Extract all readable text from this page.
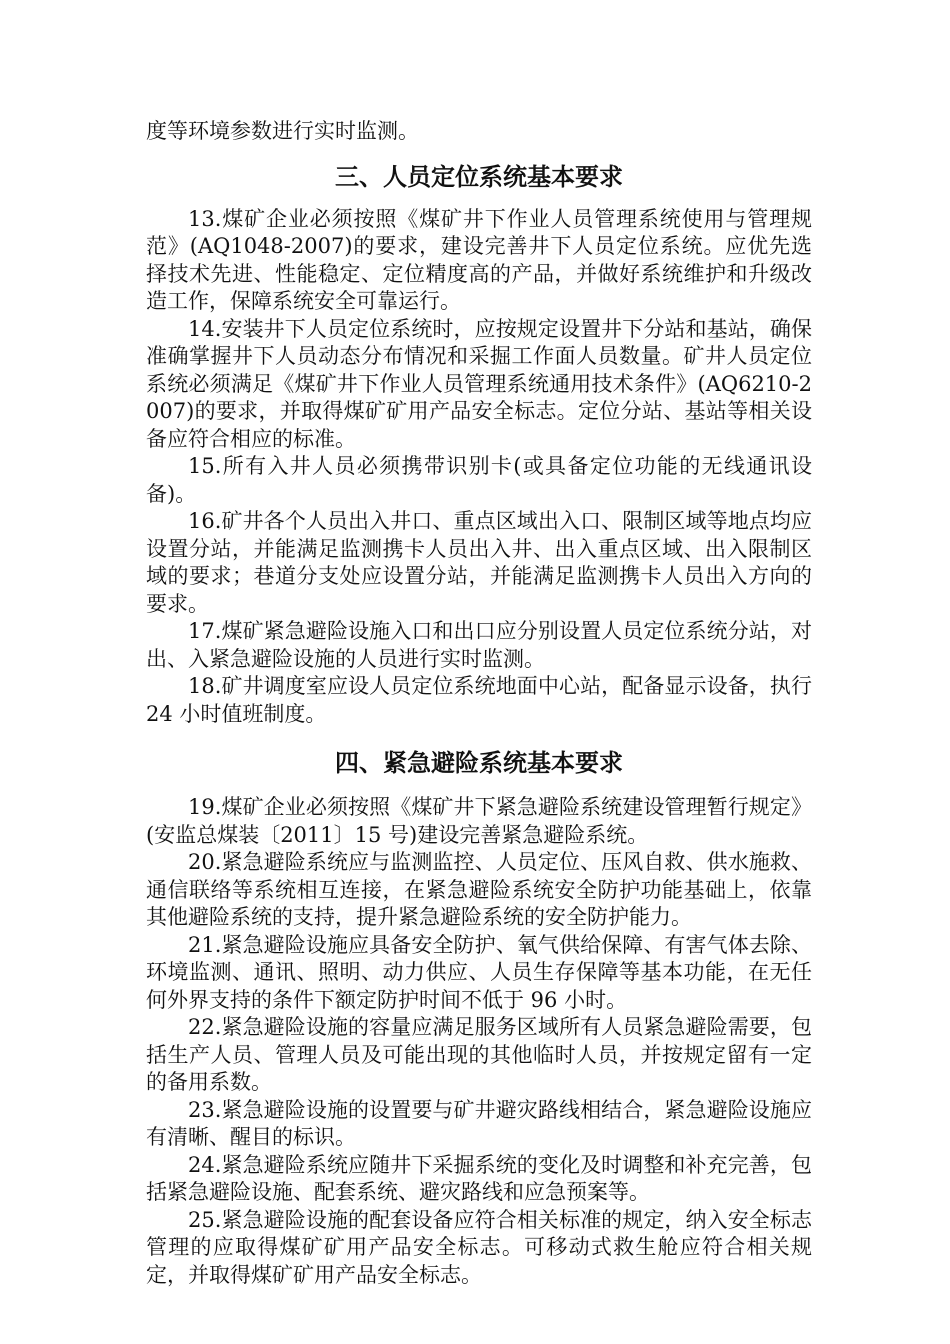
度等环境参数进行实时监测。

三、人员定位系统基本要求

13.煤矿企业必须按照《煤矿井下作业人员管理系统使用与管理规范》(AQ1048-2007)的要求，建设完善井下人员定位系统。应优先选择技术先进、性能稳定、定位精度高的产品，并做好系统维护和升级改造工作，保障系统安全可靠运行。

14.安装井下人员定位系统时，应按规定设置井下分站和基站，确保准确掌握井下人员动态分布情况和采掘工作面人员数量。矿井人员定位系统必须满足《煤矿井下作业人员管理系统通用技术条件》(AQ6210-2007)的要求，并取得煤矿矿用产品安全标志。定位分站、基站等相关设备应符合相应的标准。

15.所有入井人员必须携带识别卡(或具备定位功能的无线通讯设备)。

16.矿井各个人员出入井口、重点区域出入口、限制区域等地点均应设置分站，并能满足监测携卡人员出入井、出入重点区域、出入限制区域的要求；巷道分支处应设置分站，并能满足监测携卡人员出入方向的要求。

17.煤矿紧急避险设施入口和出口应分别设置人员定位系统分站，对出、入紧急避险设施的人员进行实时监测。

18.矿井调度室应设人员定位系统地面中心站，配备显示设备，执行 24 小时值班制度。

四、紧急避险系统基本要求

19.煤矿企业必须按照《煤矿井下紧急避险系统建设管理暂行规定》(安监总煤装〔2011〕15 号)建设完善紧急避险系统。

20.紧急避险系统应与监测监控、人员定位、压风自救、供水施救、通信联络等系统相互连接，在紧急避险系统安全防护功能基础上，依靠其他避险系统的支持，提升紧急避险系统的安全防护能力。

21.紧急避险设施应具备安全防护、氧气供给保障、有害气体去除、环境监测、通讯、照明、动力供应、人员生存保障等基本功能，在无任何外界支持的条件下额定防护时间不低于 96 小时。

22.紧急避险设施的容量应满足服务区域所有人员紧急避险需要，包括生产人员、管理人员及可能出现的其他临时人员，并按规定留有一定的备用系数。

23.紧急避险设施的设置要与矿井避灾路线相结合，紧急避险设施应有清晰、醒目的标识。

24.紧急避险系统应随井下采掘系统的变化及时调整和补充完善，包括紧急避险设施、配套系统、避灾路线和应急预案等。

25.紧急避险设施的配套设备应符合相关标准的规定，纳入安全标志管理的应取得煤矿矿用产品安全标志。可移动式救生舱应符合相关规定，并取得煤矿矿用产品安全标志。
